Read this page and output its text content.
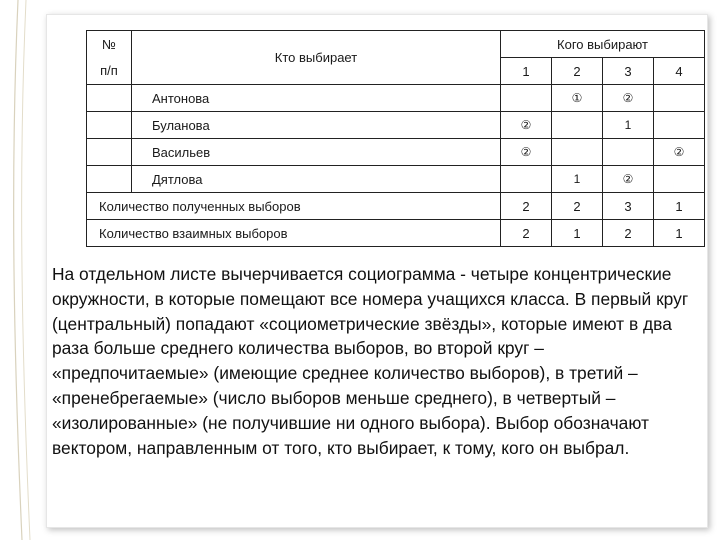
№
п/п	Кто выбирает	Кого выбирают			
		1	2	3	4
	Антонова		①	②	
	Буланова	②		1	
	Васильев	②			②
	Дятлова		1	②	
Количество полученных выборов		2	2	3	1
Количество взаимных выборов		2	1	2	1

На отдельном листе вычерчивается социограмма - четыре концентрические окружности, в которые помещают все номера учащихся класса. В первый круг (центральный) попадают «социометрические звёзды», которые имеют в два раза больше среднего количества выборов, во второй круг – «предпочитаемые» (имеющие среднее количество выборов), в третий – «пренебрегаемые» (число выборов меньше среднего), в четвертый – «изолированные» (не получившие ни одного выбора). Выбор обозначают вектором, направленным от того, кто выбирает, к тому, кого он выбрал.
